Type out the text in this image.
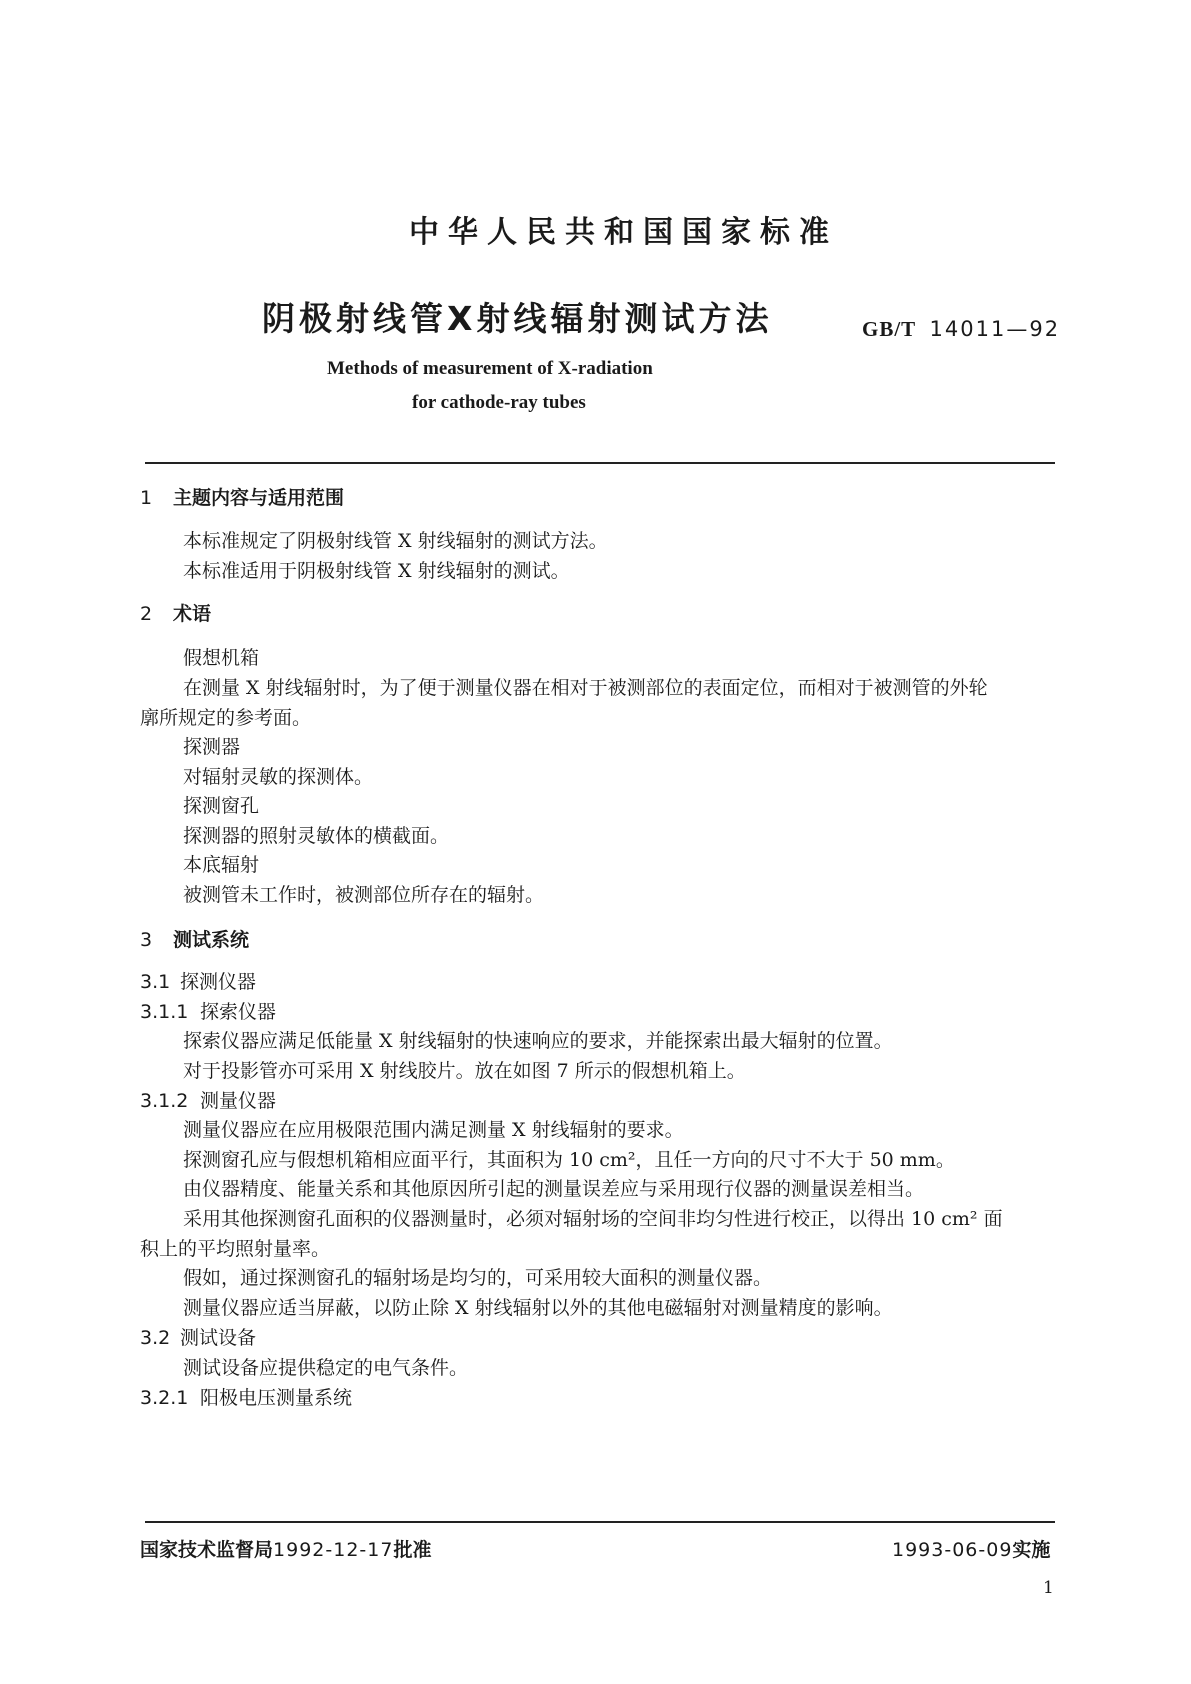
中华人民共和国国家标准
阴极射线管X射线辐射测试方法	GB/T 14011—92
Methods of measurement of X-radiation
for cathode-ray tubes
1 主题内容与适用范围
本标准规定了阴极射线管 X 射线辐射的测试方法。
本标准适用于阴极射线管 X 射线辐射的测试。
2 术语
假想机箱
在测量 X 射线辐射时，为了便于测量仪器在相对于被测部位的表面定位，而相对于被测管的外轮
廓所规定的参考面。
探测器
对辐射灵敏的探测体。
探测窗孔
探测器的照射灵敏体的横截面。
本底辐射
被测管未工作时，被测部位所存在的辐射。
3 测试系统
3.1 探测仪器
3.1.1 探索仪器
探索仪器应满足低能量 X 射线辐射的快速响应的要求，并能探索出最大辐射的位置。
对于投影管亦可采用 X 射线胶片。放在如图 7 所示的假想机箱上。
3.1.2 测量仪器
测量仪器应在应用极限范围内满足测量 X 射线辐射的要求。
探测窗孔应与假想机箱相应面平行，其面积为 10 cm²，且任一方向的尺寸不大于 50 mm。
由仪器精度、能量关系和其他原因所引起的测量误差应与采用现行仪器的测量误差相当。
采用其他探测窗孔面积的仪器测量时，必须对辐射场的空间非均匀性进行校正，以得出 10 cm² 面
积上的平均照射量率。
假如，通过探测窗孔的辐射场是均匀的，可采用较大面积的测量仪器。
测量仪器应适当屏蔽，以防止除 X 射线辐射以外的其他电磁辐射对测量精度的影响。
3.2 测试设备
测试设备应提供稳定的电气条件。
3.2.1 阳极电压测量系统
国家技术监督局1992-12-17批准	1993-06-09实施
1
